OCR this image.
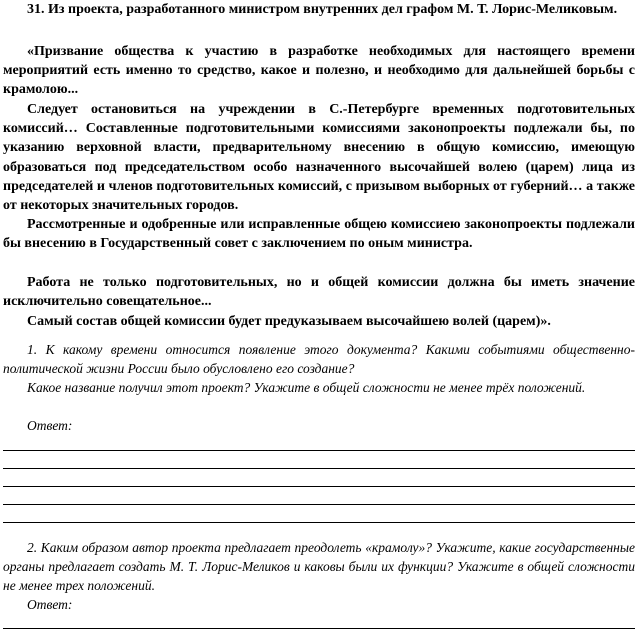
31. Из проекта, разработанного министром внутренних дел графом М. Т. Лорис-Меликовым.

«Призвание общества к участию в разработке необходимых для настоящего времени мероприятий есть именно то средство, какое и полезно, и необходимо для дальнейшей борьбы с крамолою...

Следует остановиться на учреждении в С.-Петербурге временных подготовительных комиссий… Составленные подготовительными комиссиями законопроекты подлежали бы, по указанию верховной власти, предварительному внесению в общую комиссию, имеющую образоваться под председательством особо назначенного высочайшей волею (царем) лица из председателей и членов подготовительных комиссий, с призывом выборных от губерний… а также от некоторых значительных городов.

Рассмотренные и одобренные или исправленные общею комиссиею законопроекты подлежали бы внесению в Государственный совет с заключением по оным министра.

Работа не только подготовительных, но и общей комиссии должна бы иметь значение исключительно совещательное...

Самый состав общей комиссии будет предуказываем высочайшею волей (царем)».

1. К какому времени относится появление этого документа? Какими событиями общественно-политической жизни России было обусловлено его создание?

Какое название получил этот проект? Укажите в общей сложности не менее трёх положений.

Ответ:

2. Каким образом автор проекта предлагает преодолеть «крамолу»? Укажите, какие государственные органы предлагает создать М. Т. Лорис-Меликов и каковы были их функции? Укажите в общей сложности не менее трех положений.

Ответ:
